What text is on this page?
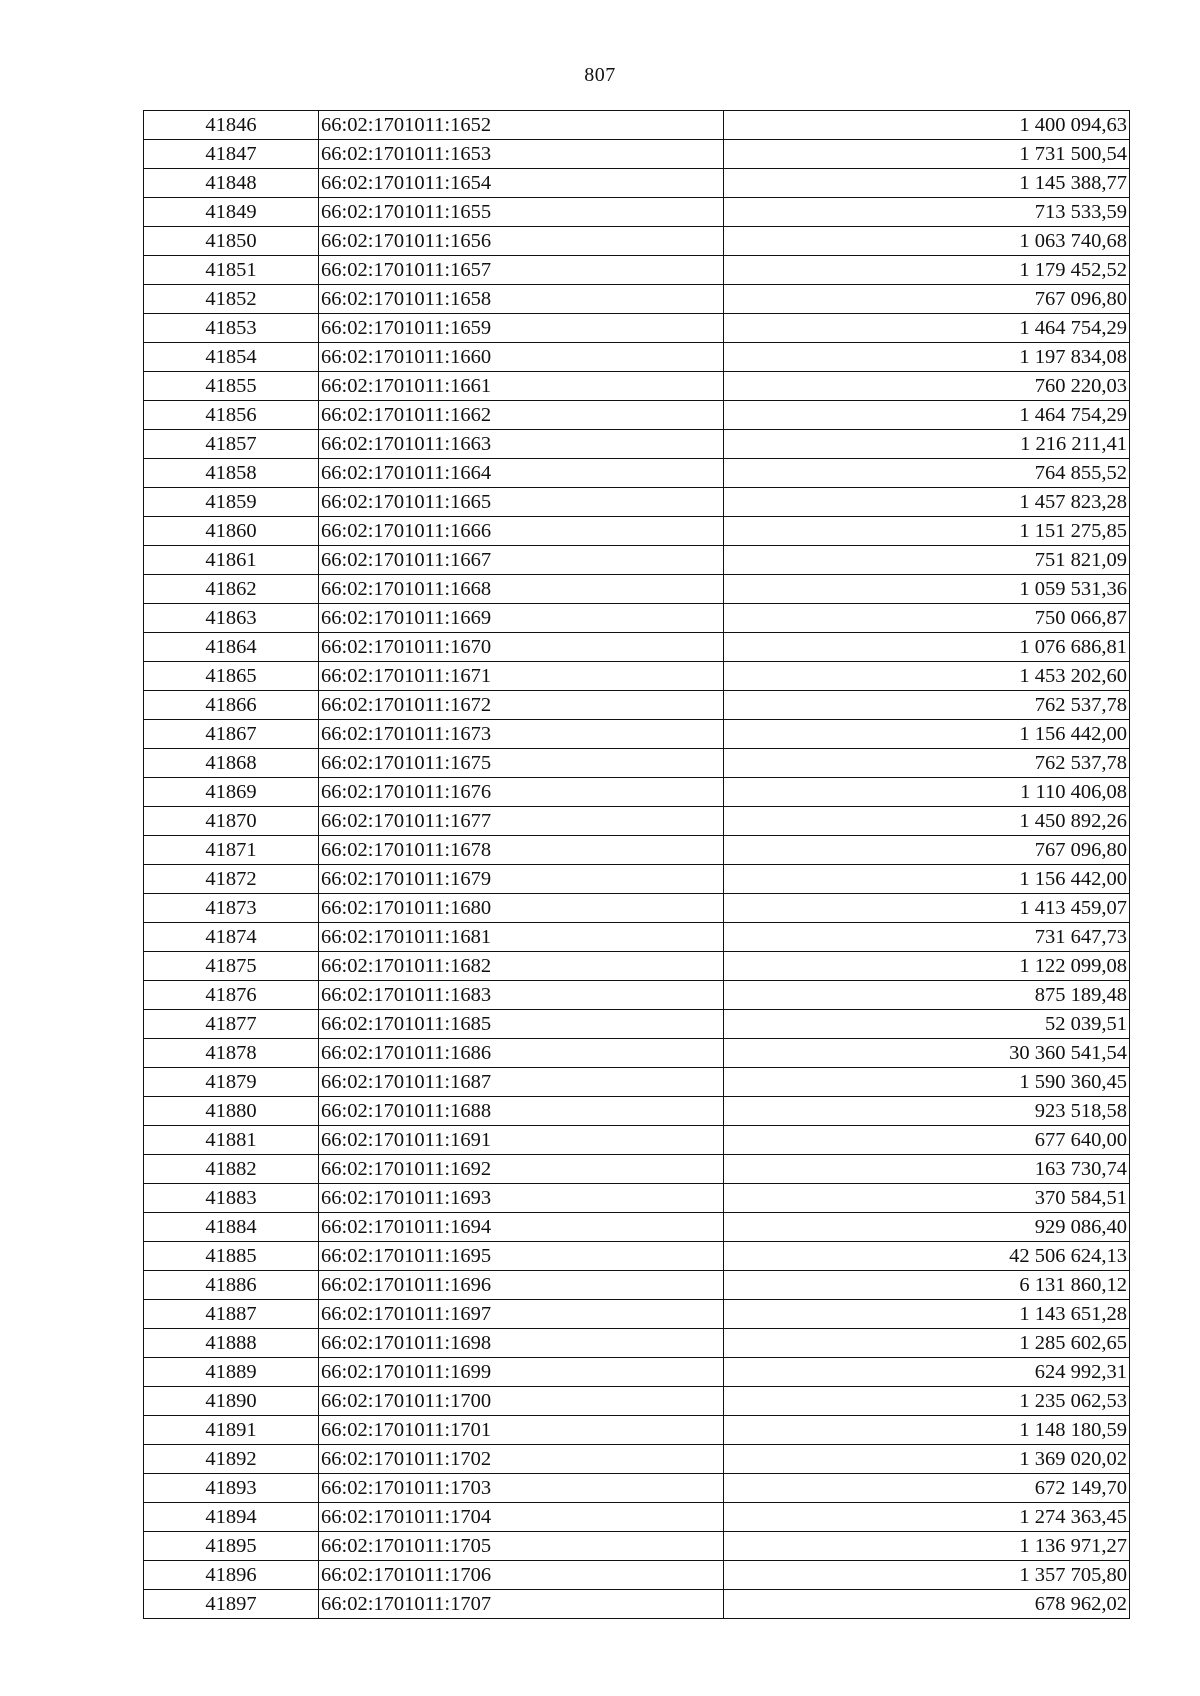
807
41846	66:02:1701011:1652	1 400 094,63
41847	66:02:1701011:1653	1 731 500,54
41848	66:02:1701011:1654	1 145 388,77
41849	66:02:1701011:1655	713 533,59
41850	66:02:1701011:1656	1 063 740,68
41851	66:02:1701011:1657	1 179 452,52
41852	66:02:1701011:1658	767 096,80
41853	66:02:1701011:1659	1 464 754,29
41854	66:02:1701011:1660	1 197 834,08
41855	66:02:1701011:1661	760 220,03
41856	66:02:1701011:1662	1 464 754,29
41857	66:02:1701011:1663	1 216 211,41
41858	66:02:1701011:1664	764 855,52
41859	66:02:1701011:1665	1 457 823,28
41860	66:02:1701011:1666	1 151 275,85
41861	66:02:1701011:1667	751 821,09
41862	66:02:1701011:1668	1 059 531,36
41863	66:02:1701011:1669	750 066,87
41864	66:02:1701011:1670	1 076 686,81
41865	66:02:1701011:1671	1 453 202,60
41866	66:02:1701011:1672	762 537,78
41867	66:02:1701011:1673	1 156 442,00
41868	66:02:1701011:1675	762 537,78
41869	66:02:1701011:1676	1 110 406,08
41870	66:02:1701011:1677	1 450 892,26
41871	66:02:1701011:1678	767 096,80
41872	66:02:1701011:1679	1 156 442,00
41873	66:02:1701011:1680	1 413 459,07
41874	66:02:1701011:1681	731 647,73
41875	66:02:1701011:1682	1 122 099,08
41876	66:02:1701011:1683	875 189,48
41877	66:02:1701011:1685	52 039,51
41878	66:02:1701011:1686	30 360 541,54
41879	66:02:1701011:1687	1 590 360,45
41880	66:02:1701011:1688	923 518,58
41881	66:02:1701011:1691	677 640,00
41882	66:02:1701011:1692	163 730,74
41883	66:02:1701011:1693	370 584,51
41884	66:02:1701011:1694	929 086,40
41885	66:02:1701011:1695	42 506 624,13
41886	66:02:1701011:1696	6 131 860,12
41887	66:02:1701011:1697	1 143 651,28
41888	66:02:1701011:1698	1 285 602,65
41889	66:02:1701011:1699	624 992,31
41890	66:02:1701011:1700	1 235 062,53
41891	66:02:1701011:1701	1 148 180,59
41892	66:02:1701011:1702	1 369 020,02
41893	66:02:1701011:1703	672 149,70
41894	66:02:1701011:1704	1 274 363,45
41895	66:02:1701011:1705	1 136 971,27
41896	66:02:1701011:1706	1 357 705,80
41897	66:02:1701011:1707	678 962,02
